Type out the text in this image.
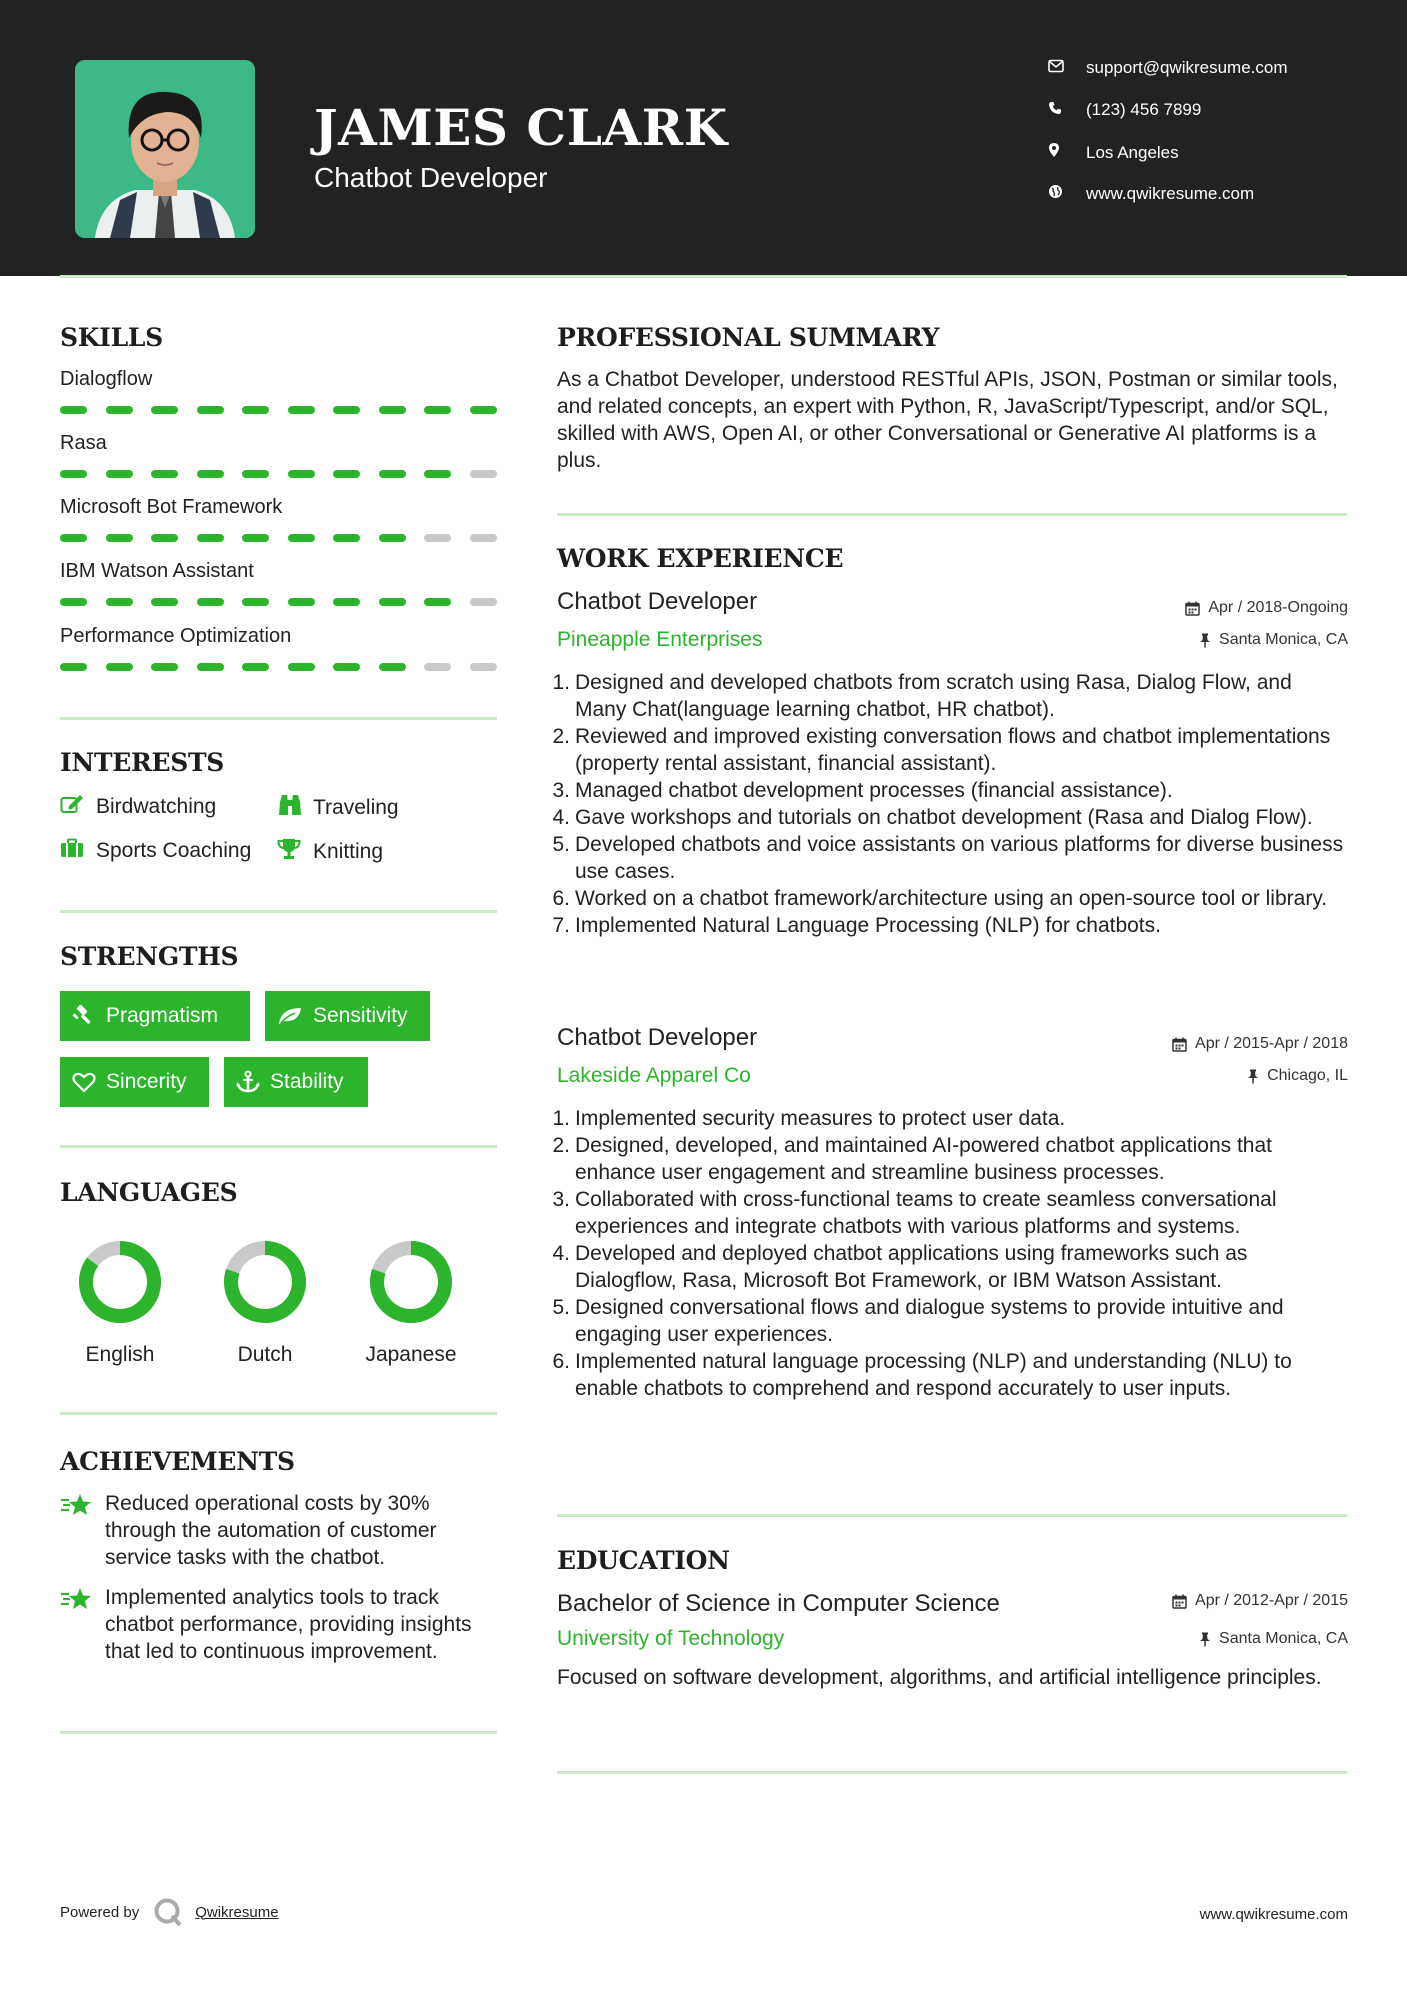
JAMES CLARK
Chatbot Developer
support@qwikresume.com
(123) 456 7899
Los Angeles
www.qwikresume.com
SKILLS
Dialogflow
Rasa
Microsoft Bot Framework
IBM Watson Assistant
Performance Optimization
INTERESTS
Birdwatching	Traveling
Sports Coaching	Knitting
STRENGTHS
Pragmatism	Sensitivity
Sincerity	Stability
LANGUAGES
English	Dutch	Japanese
ACHIEVEMENTS
Reduced operational costs by 30% through the automation of customer service tasks with the chatbot.
Implemented analytics tools to track chatbot performance, providing insights that led to continuous improvement.
PROFESSIONAL SUMMARY
As a Chatbot Developer, understood RESTful APIs, JSON, Postman or similar tools, and related concepts, an expert with Python, R, JavaScript/Typescript, and/or SQL, skilled with AWS, Open AI, or other Conversational or Generative AI platforms is a plus.
WORK EXPERIENCE
Chatbot Developer	Apr / 2018-Ongoing
Pineapple Enterprises	Santa Monica, CA
1. Designed and developed chatbots from scratch using Rasa, Dialog Flow, and Many Chat(language learning chatbot, HR chatbot).
2. Reviewed and improved existing conversation flows and chatbot implementations (property rental assistant, financial assistant).
3. Managed chatbot development processes (financial assistance).
4. Gave workshops and tutorials on chatbot development (Rasa and Dialog Flow).
5. Developed chatbots and voice assistants on various platforms for diverse business use cases.
6. Worked on a chatbot framework/architecture using an open-source tool or library.
7. Implemented Natural Language Processing (NLP) for chatbots.
Chatbot Developer	Apr / 2015-Apr / 2018
Lakeside Apparel Co	Chicago, IL
1. Implemented security measures to protect user data.
2. Designed, developed, and maintained AI-powered chatbot applications that enhance user engagement and streamline business processes.
3. Collaborated with cross-functional teams to create seamless conversational experiences and integrate chatbots with various platforms and systems.
4. Developed and deployed chatbot applications using frameworks such as Dialogflow, Rasa, Microsoft Bot Framework, or IBM Watson Assistant.
5. Designed conversational flows and dialogue systems to provide intuitive and engaging user experiences.
6. Implemented natural language processing (NLP) and understanding (NLU) to enable chatbots to comprehend and respond accurately to user inputs.
EDUCATION
Bachelor of Science in Computer Science	Apr / 2012-Apr / 2015
University of Technology	Santa Monica, CA
Focused on software development, algorithms, and artificial intelligence principles.
Powered by	Qwikresume	www.qwikresume.com
